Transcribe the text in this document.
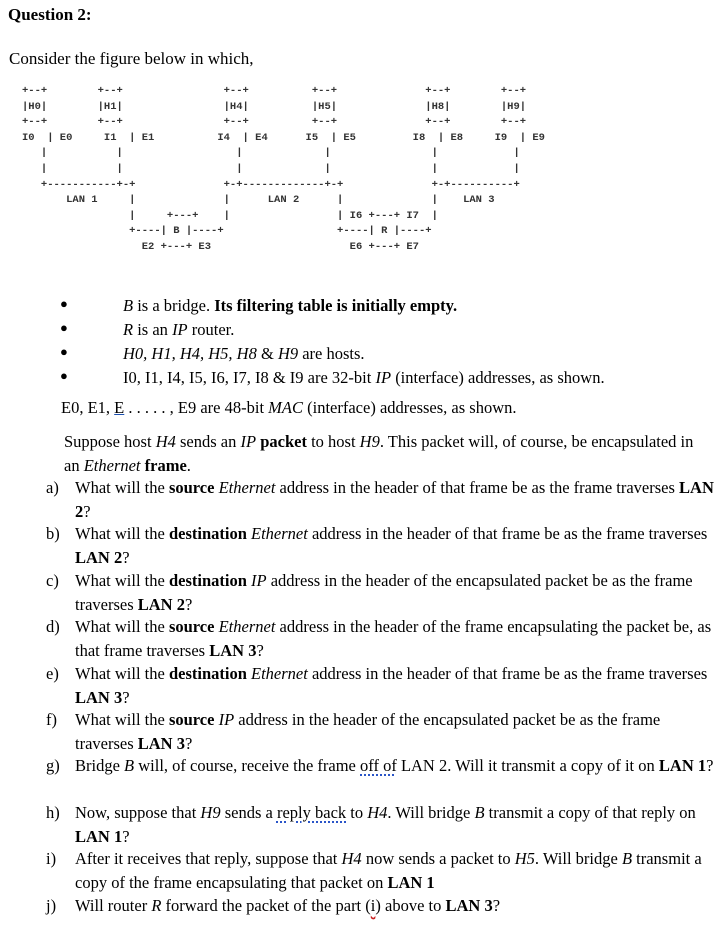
Question 2:
Consider the figure below in which,
+--+        +--+                +--+          +--+              +--+        +--+
|H0|        |H1|                |H4|          |H5|              |H8|        |H9|
+--+        +--+                +--+          +--+              +--+        +--+
I0  | E0     I1  | E1          I4  | E4      I5  | E5         I8  | E8     I9  | E9
|           |                  |             |                |            |
|           |                  |             |                |            |
+-----------+-+              +-+-------------+-+              +-+----------+
LAN 1     |              |      LAN 2      |              |    LAN 3
|     +---+    |                 | I6 +---+ I7  |
+----| B |----+                  +----| R |----+
E2 +---+ E3                      E6 +---+ E7

●	B is a bridge. Its filtering table is initially empty.
●	R is an IP router.
●	H0, H1, H4, H5, H8 & H9 are hosts.
●	I0, I1, I4, I5, I6, I7, I8 & I9 are 32-bit IP (interface) addresses, as shown.
E0, E1, E . . . . . , E9 are 48-bit MAC (interface) addresses, as shown.
Suppose host H4 sends an IP packet to host H9. This packet will, of course, be encapsulated in an Ethernet frame.
a) What will the source Ethernet address in the header of that frame be as the frame traverses LAN 2?
b) What will the destination Ethernet address in the header of that frame be as the frame traverses LAN 2?
c) What will the destination IP address in the header of the encapsulated packet be as the frame traverses LAN 2?
d) What will the source Ethernet address in the header of the frame encapsulating the packet be, as that frame traverses LAN 3?
e) What will the destination Ethernet address in the header of that frame be as the frame traverses LAN 3?
f) What will the source IP address in the header of the encapsulated packet be as the frame traverses LAN 3?
g) Bridge B will, of course, receive the frame off of LAN 2. Will it transmit a copy of it on LAN 1?
h) Now, suppose that H9 sends a reply back to H4. Will bridge B transmit a copy of that reply on LAN 1?
i) After it receives that reply, suppose that H4 now sends a packet to H5. Will bridge B transmit a copy of the frame encapsulating that packet on LAN 1
j) Will router R forward the packet of the part (i) above to LAN 3?
